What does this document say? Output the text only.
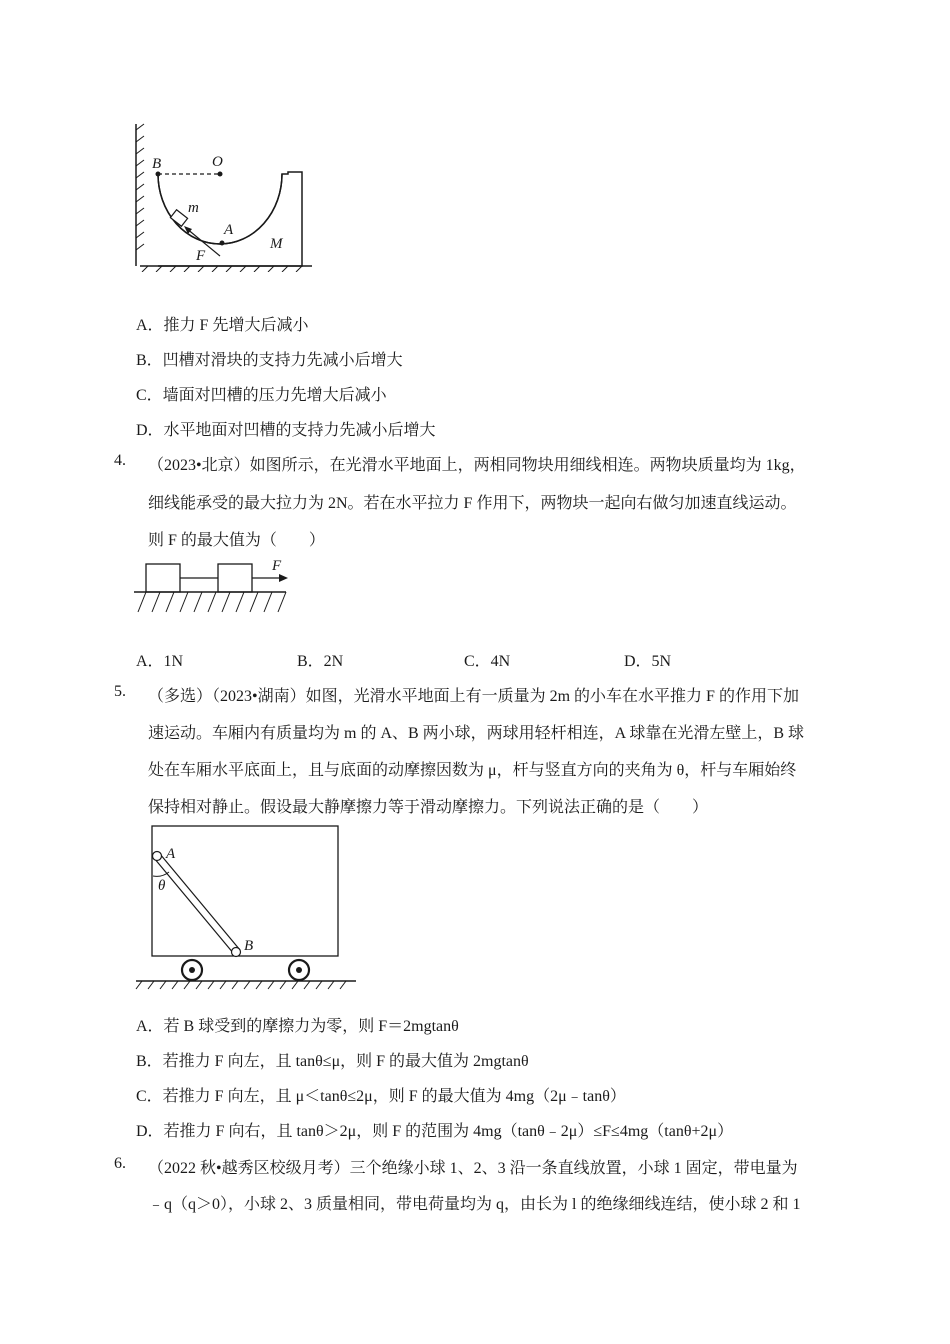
B	O
m
A
M
F
A．推力 F 先增大后减小
B．凹槽对滑块的支持力先减小后增大
C．墙面对凹槽的压力先增大后减小
D．水平地面对凹槽的支持力先减小后增大
4. （2023•北京）如图所示，在光滑水平地面上，两相同物块用细线相连。两物块质量均为 1kg，
细线能承受的最大拉力为 2N。若在水平拉力 F 作用下，两物块一起向右做匀加速直线运动。
则 F 的最大值为（　　）
F
A．1N	B．2N	C．4N	D．5N
5. （多选）（2023•湖南）如图，光滑水平地面上有一质量为 2m 的小车在水平推力 F 的作用下加
速运动。车厢内有质量均为 m 的 A、B 两小球，两球用轻杆相连，A 球靠在光滑左壁上，B 球
处在车厢水平底面上，且与底面的动摩擦因数为 μ，杆与竖直方向的夹角为 θ，杆与车厢始终
保持相对静止。假设最大静摩擦力等于滑动摩擦力。下列说法正确的是（　　）
A
θ
B
A．若 B 球受到的摩擦力为零，则 F＝2mgtanθ
B．若推力 F 向左，且 tanθ≤μ，则 F 的最大值为 2mgtanθ
C．若推力 F 向左，且 μ＜tanθ≤2μ，则 F 的最大值为 4mg（2μ﹣tanθ）
D．若推力 F 向右，且 tanθ＞2μ，则 F 的范围为 4mg（tanθ﹣2μ）≤F≤4mg（tanθ+2μ）
6. （2022 秋•越秀区校级月考）三个绝缘小球 1、2、3 沿一条直线放置，小球 1 固定，带电量为
﹣q（q＞0），小球 2、3 质量相同，带电荷量均为 q，由长为 l 的绝缘细线连结，使小球 2 和 1
